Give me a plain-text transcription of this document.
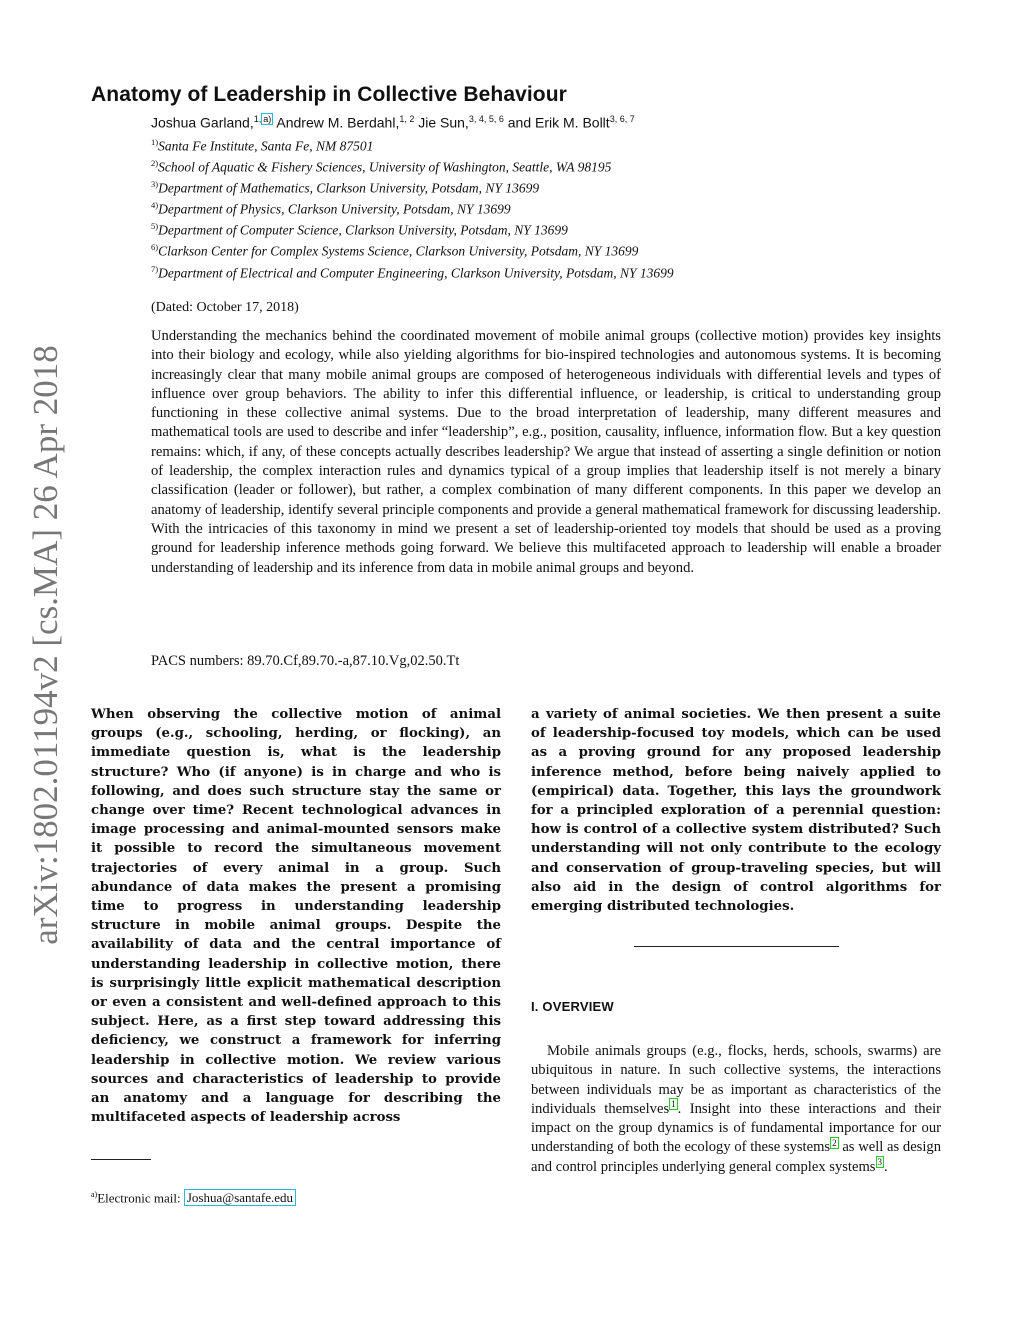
arXiv:1802.01194v2 [cs.MA] 26 Apr 2018
Anatomy of Leadership in Collective Behaviour
Joshua Garland,$^{1,}$ $^{a)}$ Andrew M. Berdahl,$^{1, 2}$ Jie Sun,$^{3, 4, 5, 6}$ and Erik M. Bollt$^{3, 6, 7}$
$^{1)}$Santa Fe Institute, Santa Fe, NM 87501
$^{2)}$School of Aquatic & Fishery Sciences, University of Washington, Seattle, WA 98195
$^{3)}$Department of Mathematics, Clarkson University, Potsdam, NY 13699
$^{4)}$Department of Physics, Clarkson University, Potsdam, NY 13699
$^{5)}$Department of Computer Science, Clarkson University, Potsdam, NY 13699
$^{6)}$Clarkson Center for Complex Systems Science, Clarkson University, Potsdam, NY 13699
$^{7)}$Department of Electrical and Computer Engineering, Clarkson University, Potsdam, NY 13699
(Dated: October 17, 2018)

Understanding the mechanics behind the coordinated movement of mobile animal groups (collective motion) provides key insights into their biology and ecology, while also yielding algorithms for bio-inspired technologies and autonomous systems. It is becoming increasingly clear that many mobile animal groups are composed of heterogeneous individuals with differential levels and types of influence over group behaviors. The ability to infer this differential influence, or leadership, is critical to understanding group functioning in these collective animal systems. Due to the broad interpretation of leadership, many different measures and mathematical tools are used to describe and infer “leadership”, e.g., position, causality, influence, information flow. But a key question remains: which, if any, of these concepts actually describes leadership? We argue that instead of asserting a single definition or notion of leadership, the complex interaction rules and dynamics typical of a group implies that leadership itself is not merely a binary classification (leader or follower), but rather, a complex combination of many different components. In this paper we develop an anatomy of leadership, identify several principle components and provide a general mathematical framework for discussing leadership. With the intricacies of this taxonomy in mind we present a set of leadership-oriented toy models that should be used as a proving ground for leadership inference methods going forward. We believe this multifaceted approach to leadership will enable a broader understanding of leadership and its inference from data in mobile animal groups and beyond.

PACS numbers: 89.70.Cf,89.70.-a,87.10.Vg,02.50.Tt

When observing the collective motion of animal groups (e.g., schooling, herding, or flocking), an immediate question is, what is the leadership structure? Who (if anyone) is in charge and who is following, and does such structure stay the same or change over time? Recent technological advances in image processing and animal-mounted sensors make it possible to record the simultaneous movement trajectories of every animal in a group. Such abundance of data makes the present a promising time to progress in understanding leadership structure in mobile animal groups. Despite the availability of data and the central importance of understanding leadership in collective motion, there is surprisingly little explicit mathematical description or even a consistent and well-defined approach to this subject. Here, as a first step toward addressing this deficiency, we construct a framework for inferring leadership in collective motion. We review various sources and characteristics of leadership to provide an anatomy and a language for describing the multifaceted aspects of leadership across

a variety of animal societies. We then present a suite of leadership-focused toy models, which can be used as a proving ground for any proposed leadership inference method, before being naively applied to (empirical) data. Together, this lays the groundwork for a principled exploration of a perennial question: how is control of a collective system distributed? Such understanding will not only contribute to the ecology and conservation of group-traveling species, but will also aid in the design of control algorithms for emerging distributed technologies.

$^{a)}$Electronic mail: Joshua@santafe.edu
I. OVERVIEW

Mobile animals groups (e.g., flocks, herds, schools, swarms) are ubiquitous in nature. In such collective systems, the interactions between individuals may be as important as characteristics of the individuals themselves $^1$ . Insight into these interactions and their impact on the group dynamics is of fundamental importance for our understanding of both the ecology of these systems $^2$ as well as design and control principles underlying general complex systems $^3$ .
